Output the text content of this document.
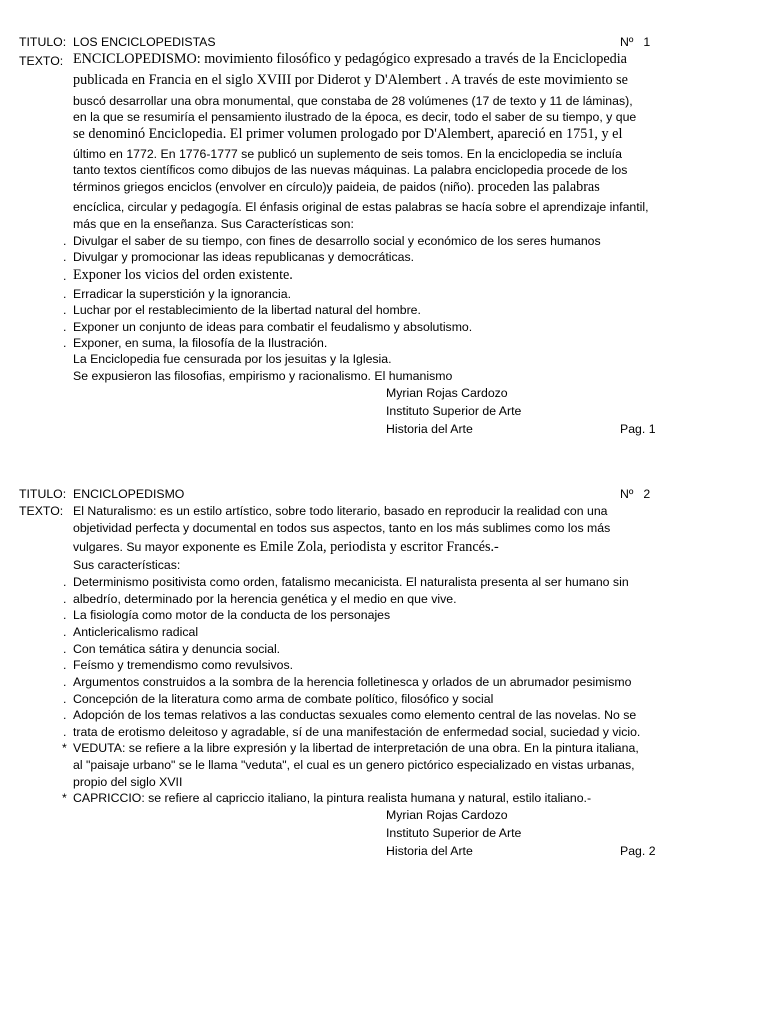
TITULO: LOS ENCICLOPEDISTAS	Nº 1
TEXTO: ENCICLOPEDISMO: movimiento filosófico y pedagógico expresado a través de la Enciclopedia
publicada en Francia en el siglo XVIII por Diderot y D'Alembert . A través de este movimiento se
buscó desarrollar una obra monumental, que constaba de 28 volúmenes (17 de texto y 11 de láminas),
en la que se resumiría el pensamiento ilustrado de la época, es decir, todo el saber de su tiempo, y que
se denominó Enciclopedia. El primer volumen prologado por D'Alembert, apareció en 1751, y el
último en 1772. En 1776-1777 se publicó un suplemento de seis tomos. En la enciclopedia se incluía
tanto textos científicos como dibujos de las nuevas máquinas. La palabra enciclopedia procede de los
términos griegos enciclos (envolver en círculo)y paideia, de paidos (niño). proceden las palabras
encíclica, circular y pedagogía. El énfasis original de estas palabras se hacía sobre el aprendizaje infantil,
más que en la enseñanza. Sus Características son:
. Divulgar el saber de su tiempo, con fines de desarrollo social y económico de los seres humanos
. Divulgar y promocionar las ideas republicanas y democráticas.
. Exponer los vicios del orden existente.
. Erradicar la superstición y la ignorancia.
. Luchar por el restablecimiento de la libertad natural del hombre.
. Exponer un conjunto de ideas para combatir el feudalismo y absolutismo.
. Exponer, en suma, la filosofía de la Ilustración.
La Enciclopedia fue censurada por los jesuitas y la Iglesia.
Se expusieron las filosofias, empirismo y racionalismo. El humanismo
Myrian Rojas Cardozo
Instituto Superior de Arte
Historia del Arte	Pag. 1
TITULO: ENCICLOPEDISMO	Nº 2
TEXTO: El Naturalismo: es un estilo artístico, sobre todo literario, basado en reproducir la realidad con una
objetividad perfecta y documental en todos sus aspectos, tanto en los más sublimes como los más
vulgares. Su mayor exponente es Emile Zola, periodista y escritor Francés.-
Sus características:
. Determinismo positivista como orden, fatalismo mecanicista. El naturalista presenta al ser humano sin
. albedrío, determinado por la herencia genética y el medio en que vive.
. La fisiología como motor de la conducta de los personajes
. Anticlericalismo radical
. Con temática sátira y denuncia social.
. Feísmo y tremendismo como revulsivos.
. Argumentos construidos a la sombra de la herencia folletinesca y orlados de un abrumador pesimismo
. Concepción de la literatura como arma de combate político, filosófico y social
. Adopción de los temas relativos a las conductas sexuales como elemento central de las novelas. No se
. trata de erotismo deleitoso y agradable, sí de una manifestación de enfermedad social, suciedad y vicio.
* VEDUTA: se refiere a la libre expresión y la libertad de interpretación de una obra. En la pintura italiana,
al "paisaje urbano" se le llama "veduta", el cual es un genero pictórico especializado en vistas urbanas,
propio del siglo XVII
* CAPRICCIO: se refiere al capriccio italiano, la pintura realista humana y natural, estilo italiano.-
Myrian Rojas Cardozo
Instituto Superior de Arte
Historia del Arte	Pag. 2
